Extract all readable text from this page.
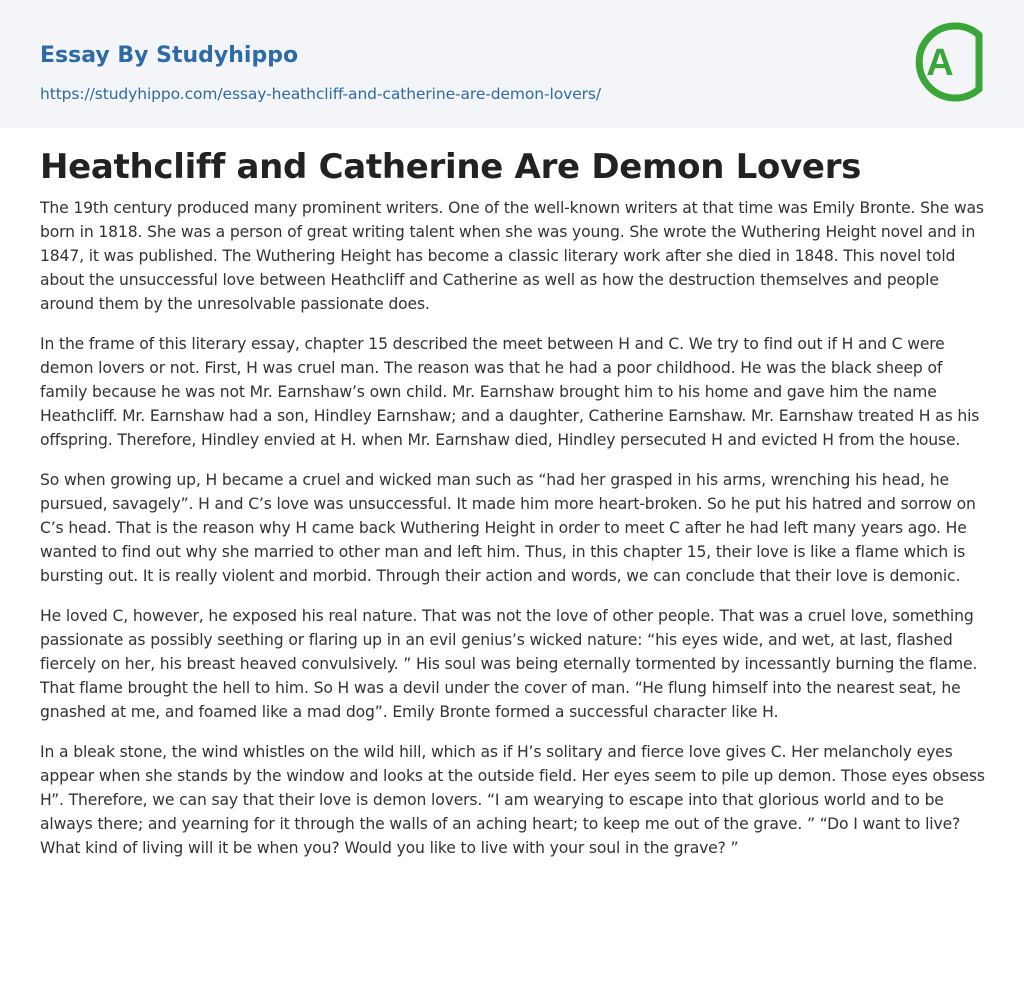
Essay By Studyhippo
https://studyhippo.com/essay-heathcliff-and-catherine-are-demon-lovers/
A
Heathcliff and Catherine Are Demon Lovers

The 19th century produced many prominent writers. One of the well-known writers at that time was Emily Bronte. She was born in 1818. She was a person of great writing talent when she was young. She wrote the Wuthering Height novel and in 1847, it was published. The Wuthering Height has become a classic literary work after she died in 1848. This novel told about the unsuccessful love between Heathcliff and Catherine as well as how the destruction themselves and people around them by the unresolvable passionate does.

In the frame of this literary essay, chapter 15 described the meet between H and C. We try to find out if H and C were demon lovers or not. First, H was cruel man. The reason was that he had a poor childhood. He was the black sheep of family because he was not Mr. Earnshaw’s own child. Mr. Earnshaw brought him to his home and gave him the name Heathcliff. Mr. Earnshaw had a son, Hindley Earnshaw; and a daughter, Catherine Earnshaw. Mr. Earnshaw treated H as his offspring. Therefore, Hindley envied at H. when Mr. Earnshaw died, Hindley persecuted H and evicted H from the house.

So when growing up, H became a cruel and wicked man such as “had her grasped in his arms, wrenching his head, he pursued, savagely”. H and C’s love was unsuccessful. It made him more heart-broken. So he put his hatred and sorrow on C’s head. That is the reason why H came back Wuthering Height in order to meet C after he had left many years ago. He wanted to find out why she married to other man and left him. Thus, in this chapter 15, their love is like a flame which is bursting out. It is really violent and morbid. Through their action and words, we can conclude that their love is demonic.

He loved C, however, he exposed his real nature. That was not the love of other people. That was a cruel love, something passionate as possibly seething or flaring up in an evil genius’s wicked nature: “his eyes wide, and wet, at last, flashed fiercely on her, his breast heaved convulsively. ” His soul was being eternally tormented by incessantly burning the flame. That flame brought the hell to him. So H was a devil under the cover of man. “He flung himself into the nearest seat, he gnashed at me, and foamed like a mad dog”. Emily Bronte formed a successful character like H.

In a bleak stone, the wind whistles on the wild hill, which as if H’s solitary and fierce love gives C. Her melancholy eyes appear when she stands by the window and looks at the outside field. Her eyes seem to pile up demon. Those eyes obsess H”. Therefore, we can say that their love is demon lovers. “I am wearying to escape into that glorious world and to be always there; and yearning for it through the walls of an aching heart; to keep me out of the grave. ” “Do I want to live? What kind of living will it be when you? Would you like to live with your soul in the grave? ”
